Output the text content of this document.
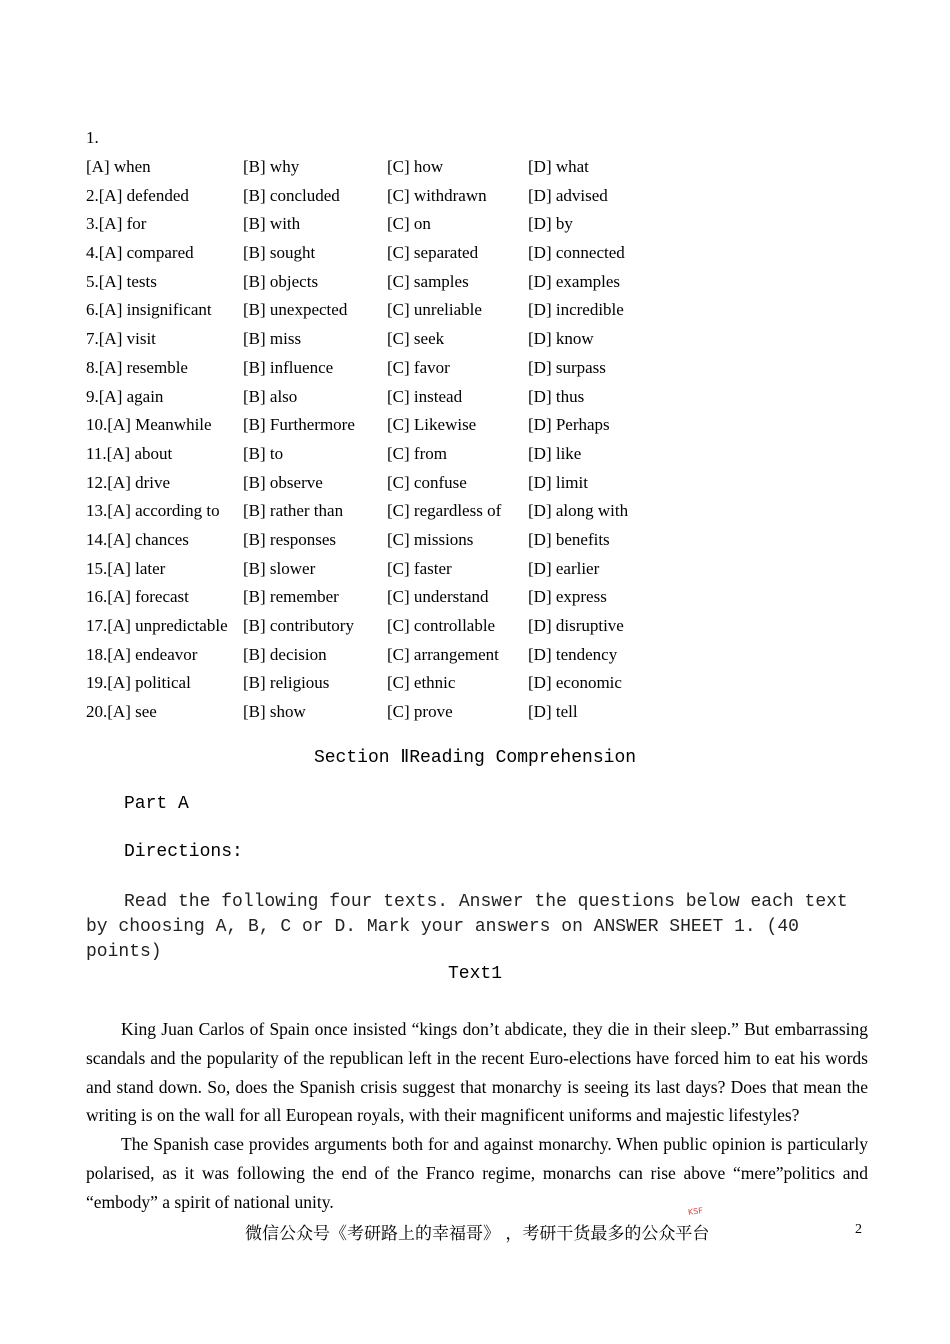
1.
[A] when	[B] why	[C] how	[D] what
2.[A] defended	[B] concluded	[C] withdrawn [D] advised
3.[A] for	[B] with	[C] on	[D] by
4.[A] compared	[B] sought	[C] separated	[D] connected
5.[A] tests	[B] objects	[C] samples	[D] examples
6.[A] insignificant [B] unexpected [C] unreliable	[D] incredible
7.[A] visit	[B] miss	[C] seek	[D] know
8.[A] resemble	[B] influence	[C] favor	[D] surpass
9.[A] again	[B] also	[C] instead	[D] thus
10.[A] Meanwhile [B] Furthermore [C] Likewise	[D] Perhaps
11.[A] about	[B] to	[C] from	[D] like
12.[A] drive	[B] observe	[C] confuse	[D] limit
13.[A] according to [B] rather than	[C] regardless of [D] along with
14.[A] chances	[B] responses	[C] missions	[D] benefits
15.[A] later	[B] slower	[C] faster	[D] earlier
16.[A] forecast	[B] remember	[C] understand [D] express
17.[A] unpredictable [B] contributory [C] controllable [D] disruptive
18.[A] endeavor	[B] decision	[C] arrangement [D] tendency
19.[A] political	[B] religious	[C] ethnic	[D] economic
20.[A] see	[B] show	[C] prove	[D] tell
Section ⅡReading Comprehension
Part A
Directions:
Read the following four texts. Answer the questions below each text by choosing A, B, C or D. Mark your answers on ANSWER SHEET 1. (40 points)
Text1
King Juan Carlos of Spain once insisted “kings don’t abdicate, they die in their sleep.” But embarrassing scandals and the popularity of the republican left in the recent Euro-elections have forced him to eat his words and stand down. So, does the Spanish crisis suggest that monarchy is seeing its last days? Does that mean the writing is on the wall for all European royals, with their magnificent uniforms and majestic lifestyles?
The Spanish case provides arguments both for and against monarchy. When public opinion is particularly polarised, as it was following the end of the Franco regime, monarchs can rise above “mere”politics and “embody” a spirit of national unity.
微信公众号《考研路上的幸福哥》 ，考研干货最多的公众平台
KSF
2
